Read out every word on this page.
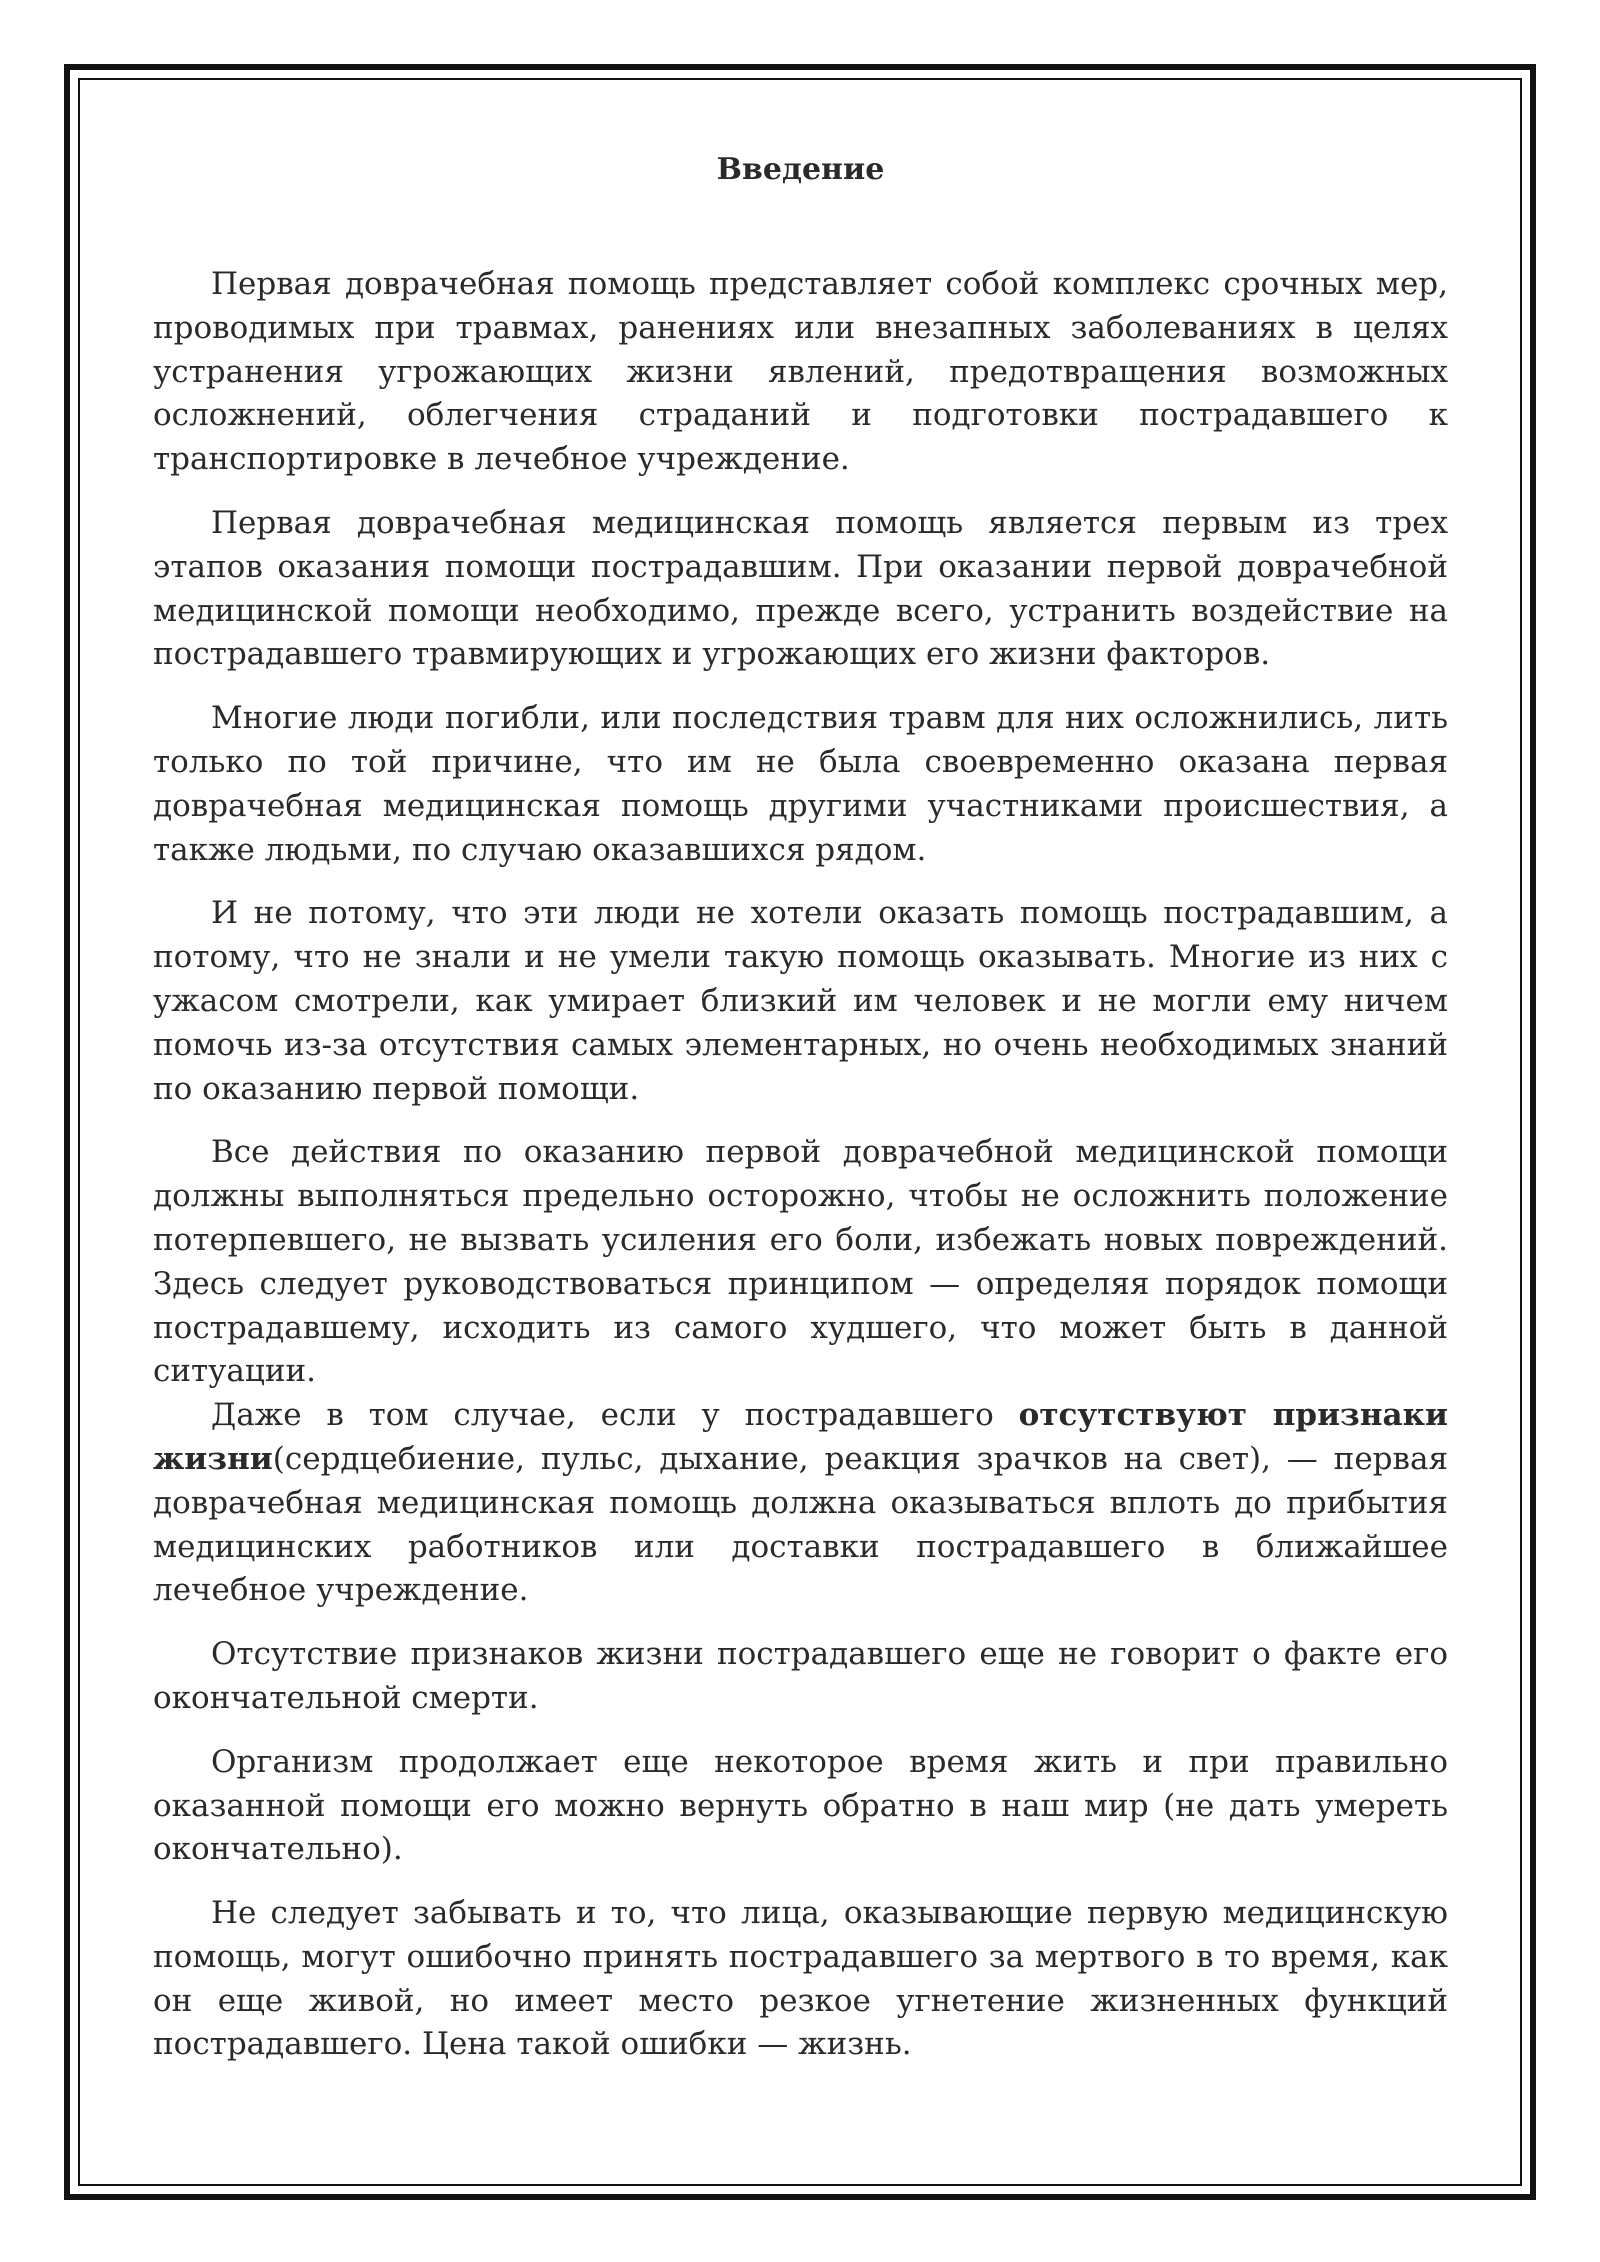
Введение

Первая доврачебная помощь представляет собой комплекс срочных мер, проводимых при травмах, ранениях или внезапных заболеваниях в целях устранения угрожающих жизни явлений, предотвращения возможных осложнений, облегчения страданий и подготовки пострадавшего к транспортировке в лечебное учреждение.

Первая доврачебная медицинская помощь является первым из трех этапов оказания помощи пострадавшим. При оказании первой доврачебной медицинской помощи необходимо, прежде всего, устранить воздействие на пострадавшего травмирующих и угрожающих его жизни факторов.

Многие люди погибли, или последствия травм для них осложнились, лить только по той причине, что им не была своевременно оказана первая доврачебная медицинская помощь другими участниками происшествия, а также людьми, по случаю оказавшихся рядом.

И не потому, что эти люди не хотели оказать помощь пострадавшим, а потому, что не знали и не умели такую помощь оказывать. Многие из них с ужасом смотрели, как умирает близкий им человек и не могли ему ничем помочь из-за отсутствия самых элементарных, но очень необходимых знаний по оказанию первой помощи.

Все действия по оказанию первой доврачебной медицинской помощи должны выполняться предельно осторожно, чтобы не осложнить положение потерпевшего, не вызвать усиления его боли, избежать новых повреждений. Здесь следует руководствоваться принципом — определяя порядок помощи пострадавшему, исходить из самого худшего, что может быть в данной ситуации.

Даже в том случае, если у пострадавшего отсутствуют признаки жизни(сердцебиение, пульс, дыхание, реакция зрачков на свет), — первая доврачебная медицинская помощь должна оказываться вплоть до прибытия медицинских работников или доставки пострадавшего в ближайшее лечебное учреждение.

Отсутствие признаков жизни пострадавшего еще не говорит о факте его окончательной смерти.

Организм продолжает еще некоторое время жить и при правильно оказанной помощи его можно вернуть обратно в наш мир (не дать умереть окончательно).

Не следует забывать и то, что лица, оказывающие первую медицинскую помощь, могут ошибочно принять пострадавшего за мертвого в то время, как он еще живой, но имеет место резкое угнетение жизненных функций пострадавшего. Цена такой ошибки — жизнь.
